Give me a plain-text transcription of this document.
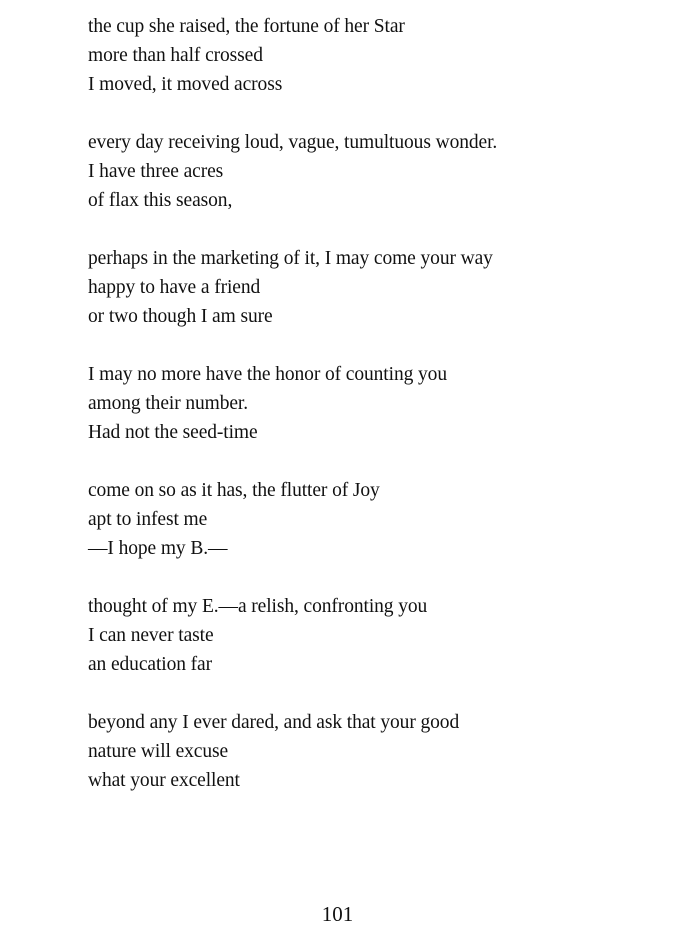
the cup she raised, the fortune of her Star
more than half crossed
I moved, it moved across
every day receiving loud, vague, tumultuous wonder.
I have three acres
of flax this season,
perhaps in the marketing of it, I may come your way
happy to have a friend
or two though I am sure
I may no more have the honor of counting you
among their number.
Had not the seed-time
come on so as it has, the flutter of Joy
apt to infest me
—I hope my B.—
thought of my E.—a relish, confronting you
I can never taste
an education far
beyond any I ever dared, and ask that your good
nature will excuse
what your excellent
101
